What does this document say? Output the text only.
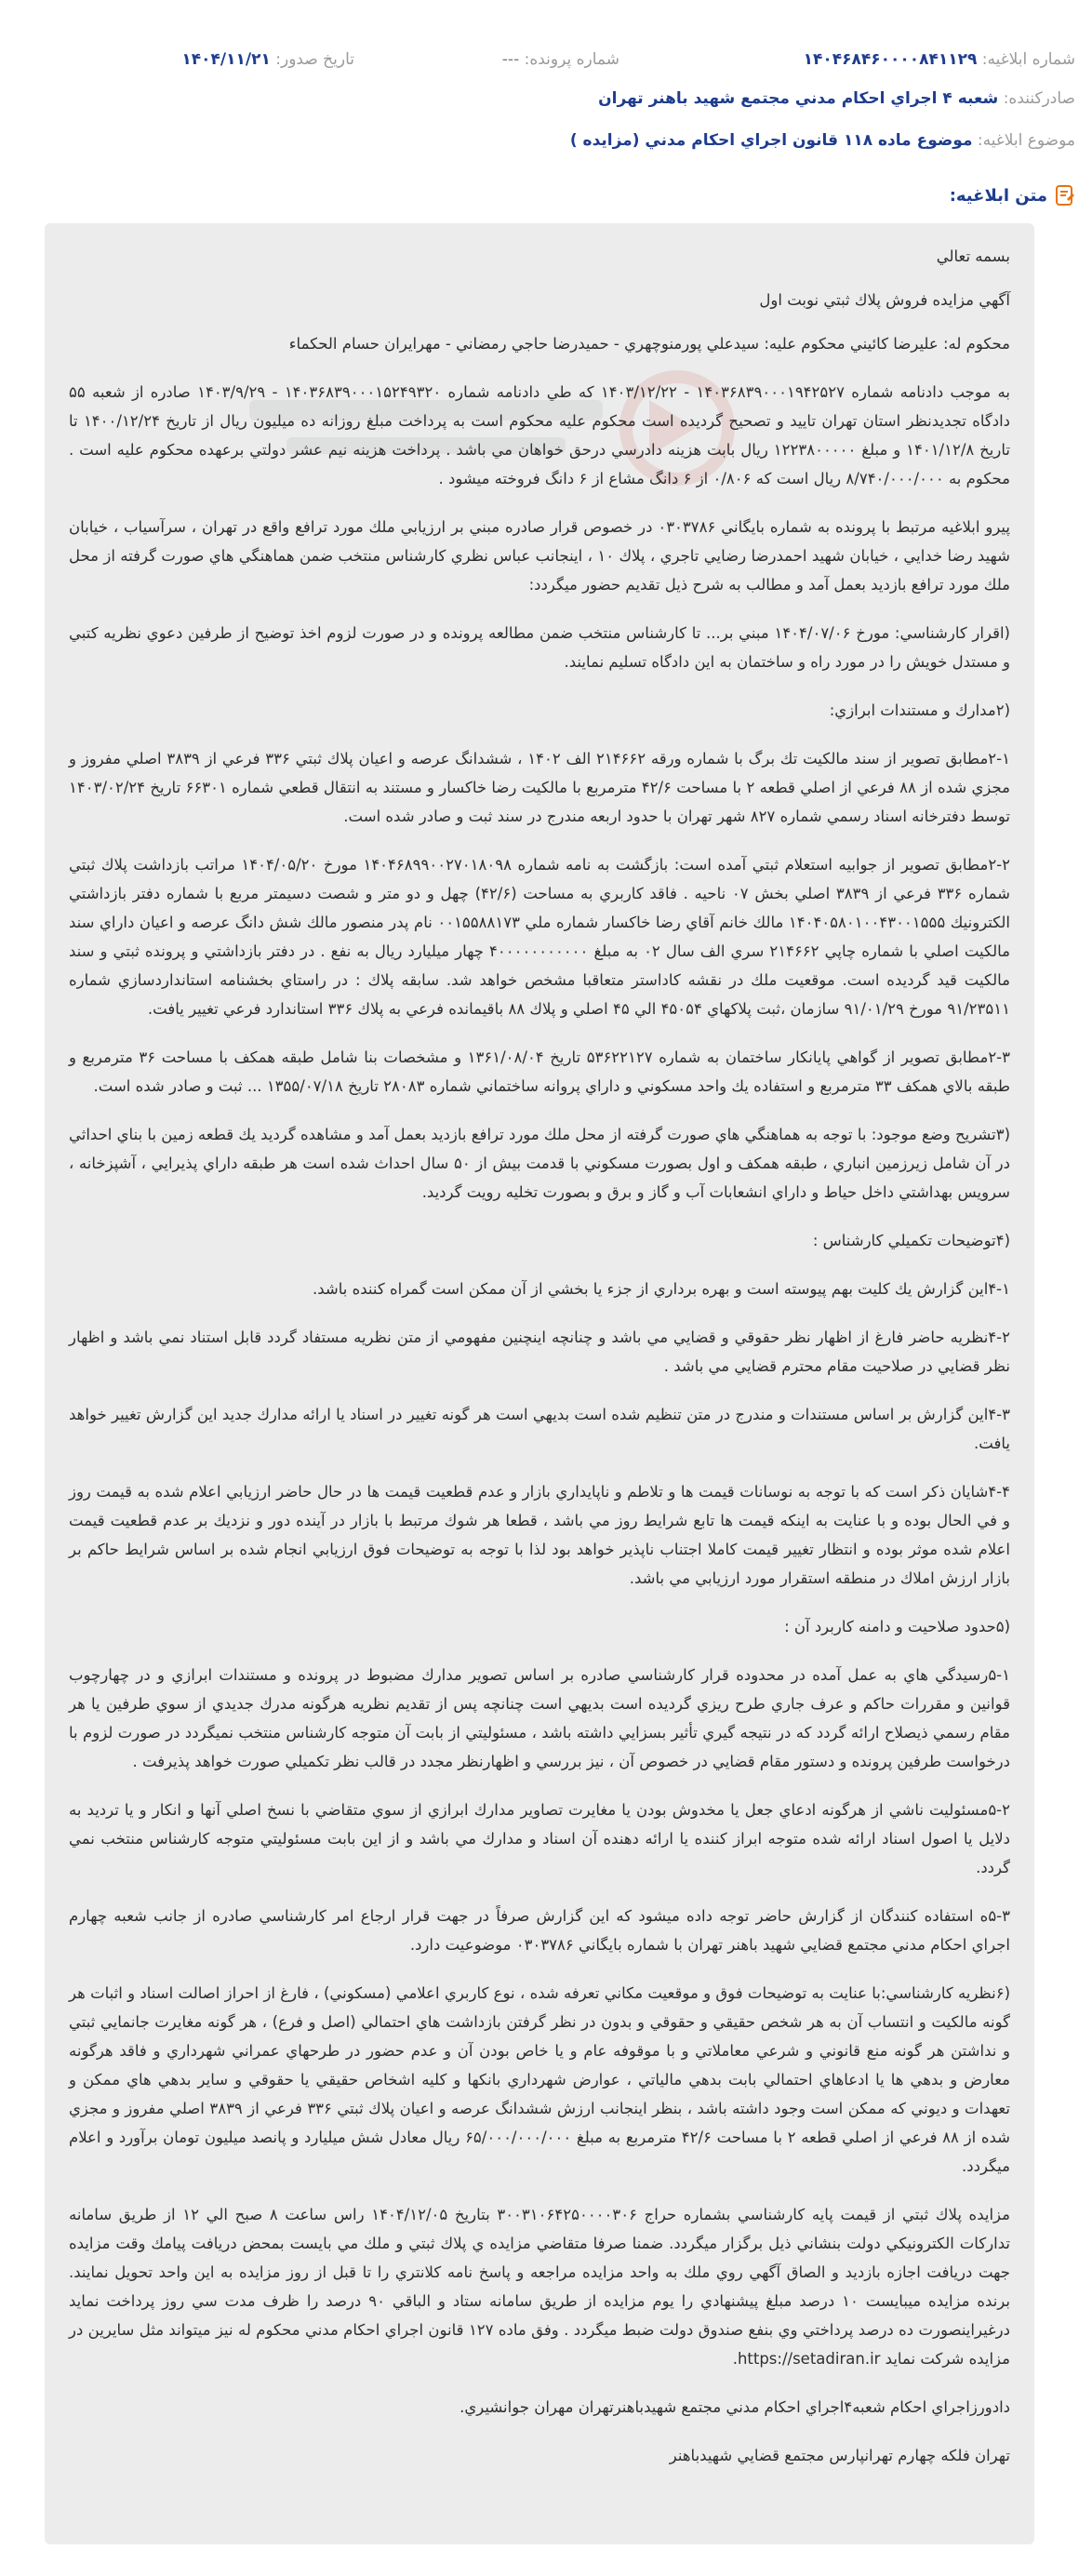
شماره ابلاغیه: ۱۴۰۴۶۸۴۶۰۰۰۰۸۴۱۱۲۹
شماره پرونده: ---
تاریخ صدور: ۱۴۰۴/۱۱/۲۱
صادرکننده:

شعبه ۴ اجراي احكام مدني مجتمع شهيد باهنر تهران
موضوع ابلاغیه:

موضوع ماده ۱۱۸ قانون اجراي احكام مدني (مزايده )
متن ابلاغیه:

بسمه تعالي

آگهي مزايده فروش پلاك ثبتي نوبت اول

محكوم له: عليرضا كائيني محكوم عليه: سيدعلي پورمنوچهري - حميدرضا حاجي رمضاني - مهرايران حسام الحكماء

به موجب دادنامه شماره ۱۴۰۳۶۸۳۹۰۰۰۱۹۴۲۵۲۷ - ۱۴۰۳/۱۲/۲۲ كه طي دادنامه شماره ۱۴۰۳۶۸۳۹۰۰۰۱۵۲۴۹۳۲۰ - ۱۴۰۳/۹/۲۹ صادره از شعبه ۵۵ دادگاه تجديدنظر استان تهران تاييد و تصحيح گرديده است محكوم عليه محكوم است به پرداخت مبلغ روزانه ده ميليون ريال از تاريخ ۱۴۰۰/۱۲/۲۴ تا تاريخ ۱۴۰۱/۱۲/۸ و مبلغ ۱۲۲۳۸۰۰۰۰۰ ريال بابت هزينه دادرسي درحق خواهان مي باشد . پرداخت هزينه نيم عشر دولتي برعهده محكوم عليه است . محكوم به ۸/۷۴۰/۰۰۰/۰۰۰ ريال است كه ۰/۸۰۶ از ۶ دانگ مشاع از ۶ دانگ فروخته ميشود .

پيرو ابلاغيه مرتبط با پرونده به شماره بايگاني ۰۳۰۳۷۸۶ در خصوص قرار صادره مبني بر ارزيابي ملك مورد ترافع واقع در تهران ، سرآسياب ، خيابان شهيد رضا خدايي ، خيابان شهيد احمدرضا رضايي تاجري ، پلاك ۱۰ ، اينجانب عباس نظري كارشناس منتخب ضمن هماهنگي هاي صورت گرفته از محل ملك مورد ترافع بازديد بعمل آمد و مطالب به شرح ذيل تقديم حضور ميگردد:

(اقرار كارشناسي: مورخ ۱۴۰۴/۰۷/۰۶ مبني بر... تا كارشناس منتخب ضمن مطالعه پرونده و در صورت لزوم اخذ توضيح از طرفين دعوي نظريه كتبي و مستدل خويش را در مورد راه و ساختمان به اين دادگاه تسليم نمايند.

(۲مدارك و مستندات ابرازي:

۲-۱مطابق تصوير از سند مالكيت تك برگ با شماره ورقه ۲۱۴۶۶۲ الف ۱۴۰۲ ، ششدانگ عرصه و اعيان پلاك ثبتي ۳۳۶ فرعي از ۳۸۳۹ اصلي مفروز و مجزي شده از ۸۸ فرعي از اصلي قطعه ۲ با مساحت ۴۲/۶ مترمربع با مالكيت رضا خاكسار و مستند به انتقال قطعي شماره ۶۶۳۰۱ تاريخ ۱۴۰۳/۰۲/۲۴ توسط دفترخانه اسناد رسمي شماره ۸۲۷ شهر تهران با حدود اربعه مندرج در سند ثبت و صادر شده است.

۲-۲مطابق تصوير از جوابيه استعلام ثبتي آمده است: بازگشت به نامه شماره ۱۴۰۴۶۸۹۹۰۰۲۷۰۱۸۰۹۸ مورخ ۱۴۰۴/۰۵/۲۰ مراتب بازداشت پلاك ثبتي شماره ۳۳۶ فرعي از ۳۸۳۹ اصلي بخش ۰۷ ناحيه . فاقد كاربري به مساحت (۴۲/۶) چهل و دو متر و شصت دسيمتر مربع با شماره دفتر بازداشتي الكترونيك ۱۴۰۴۰۵۸۰۱۰۰۴۳۰۰۱۵۵۵ مالك خانم آقاي رضا خاكسار شماره ملي ۰۰۱۵۵۸۸۱۷۳ نام پدر منصور مالك شش دانگ عرصه و اعيان داراي سند مالكيت اصلي با شماره چاپي ۲۱۴۶۶۲ سري الف سال ۰۲ به مبلغ ۴۰۰۰۰۰۰۰۰۰۰۰ چهار ميليارد ريال به نفع . در دفتر بازداشتي و پرونده ثبتي و سند مالكيت قيد گرديده است. موقعيت ملك در نقشه كاداستر متعاقبا مشخص خواهد شد. سابقه پلاك : در راستاي بخشنامه استانداردسازي شماره ۹۱/۲۳۵۱۱ مورخ ۹۱/۰۱/۲۹ سازمان ،ثبت پلاكهاي ۴۵۰۵۴ الي ۴۵ اصلي و پلاك ۸۸ باقيمانده فرعي به پلاك ۳۳۶ استاندارد فرعي تغيير يافت.

۲-۳مطابق تصوير از گواهي پايانكار ساختمان به شماره ۵۳۶۲۲۱۲۷ تاريخ ۱۳۶۱/۰۸/۰۴ و مشخصات بنا شامل طبقه همكف با مساحت ۳۶ مترمربع و طبقه بالاي همكف ۳۳ مترمربع و استفاده يك واحد مسكوني و داراي پروانه ساختماني شماره ۲۸۰۸۳ تاريخ ۱۳۵۵/۰۷/۱۸ ... ثبت و صادر شده است.

(۳تشريح وضع موجود: با توجه به هماهنگي هاي صورت گرفته از محل ملك مورد ترافع بازديد بعمل آمد و مشاهده گرديد يك قطعه زمين با بناي احداثي در آن شامل زيرزمين انباري ، طبقه همكف و اول بصورت مسكوني با قدمت بيش از ۵۰ سال احداث شده است هر طبقه داراي پذيرايي ، آشپزخانه ، سرويس بهداشتي داخل حياط و داراي انشعابات آب و گاز و برق و بصورت تخليه رويت گرديد.

(۴توضيحات تكميلي كارشناس :

۴-۱اين گزارش يك كليت بهم پيوسته است و بهره برداري از جزء يا بخشي از آن ممكن است گمراه كننده باشد.

۴-۲نظريه حاضر فارغ از اظهار نظر حقوقي و قضايي مي باشد و چنانچه اينچنين مفهومي از متن نظريه مستفاد گردد قابل استناد نمي باشد و اظهار نظر قضايي در صلاحيت مقام محترم قضايي مي باشد .

۴-۳اين گزارش بر اساس مستندات و مندرج در متن تنظيم شده است بديهي است هر گونه تغيير در اسناد يا ارائه مدارك جديد اين گزارش تغيير خواهد يافت.

۴-۴شايان ذكر است كه با توجه به نوسانات قيمت ها و تلاطم و ناپايداري بازار و عدم قطعيت قيمت ها در حال حاضر ارزيابي اعلام شده به قيمت روز و في الحال بوده و با عنايت به اينكه قيمت ها تابع شرايط روز مي باشد ، قطعا هر شوك مرتبط با بازار در آينده دور و نزديك بر عدم قطعيت قيمت اعلام شده موثر بوده و انتظار تغيير قيمت كاملا اجتناب ناپذير خواهد بود لذا با توجه به توضيحات فوق ارزيابي انجام شده بر اساس شرايط حاكم بر بازار ارزش املاك در منطقه استقرار مورد ارزيابي مي باشد.

(۵حدود صلاحيت و دامنه كاربرد آن :

۵-۱رسيدگي هاي به عمل آمده در محدوده قرار كارشناسي صادره بر اساس تصوير مدارك مضبوط در پرونده و مستندات ابرازي و در چهارچوب قوانين و مقررات حاكم و عرف جاري طرح ريزي گرديده است بديهي است چنانچه پس از تقديم نظريه هرگونه مدرك جديدي از سوي طرفين يا هر مقام رسمي ذيصلاح ارائه گردد كه در نتيجه گيري تأثير بسزايي داشته باشد ، مسئوليتي از بابت آن متوجه كارشناس منتخب نميگردد در صورت لزوم با درخواست طرفين پرونده و دستور مقام قضايي در خصوص آن ، نيز بررسي و اظهارنظر مجدد در قالب نظر تكميلي صورت خواهد پذيرفت .

۵-۲مسئوليت ناشي از هرگونه ادعاي جعل يا مخدوش بودن يا مغايرت تصاوير مدارك ابرازي از سوي متقاضي با نسخ اصلي آنها و انكار و يا ترديد به دلايل يا اصول اسناد ارائه شده متوجه ابراز كننده يا ارائه دهنده آن اسناد و مدارك مي باشد و از اين بابت مسئوليتي متوجه كارشناس منتخب نمي گردد.

۵-۳ه استفاده كنندگان از گزارش حاضر توجه داده ميشود كه اين گزارش صرفاً در جهت قرار ارجاع امر كارشناسي صادره از جانب شعبه چهارم اجراي احكام مدني مجتمع قضايي شهيد باهنر تهران با شماره بايگاني ۰۳۰۳۷۸۶ موضوعيت دارد.

(۶نظريه كارشناسي:با عنايت به توضيحات فوق و موقعيت مكاني تعرفه شده ، نوع كاربري اعلامي (مسكوني) ، فارغ از احراز اصالت اسناد و اثبات هر گونه مالكيت و انتساب آن به هر شخص حقيقي و حقوقي و بدون در نظر گرفتن بازداشت هاي احتمالي (اصل و فرع) ، هر گونه مغايرت جانمايي ثبتي و نداشتن هر گونه منع قانوني و شرعي معاملاتي و با موقوفه عام و يا خاص بودن آن و عدم حضور در طرحهاي عمراني شهرداري و فاقد هرگونه معارض و بدهي ها يا ادعاهاي احتمالي بابت بدهي مالياتي ، عوارض شهرداري بانكها و كليه اشخاص حقيقي يا حقوقي و ساير بدهي هاي ممكن و تعهدات و ديوني كه ممكن است وجود داشته باشد ، بنظر اينجانب ارزش ششدانگ عرصه و اعيان پلاك ثبتي ۳۳۶ فرعي از ۳۸۳۹ اصلي مفروز و مجزي شده از ۸۸ فرعي از اصلي قطعه ۲ با مساحت ۴۲/۶ مترمربع به مبلغ ۶۵/۰۰۰/۰۰۰/۰۰۰ ريال معادل شش ميليارد و پانصد ميليون تومان برآورد و اعلام ميگردد.

مزايده پلاك ثبتي از قيمت پايه كارشناسي بشماره حراج ۳۰۰۳۱۰۶۴۲۵۰۰۰۰۳۰۶ بتاريخ ۱۴۰۴/۱۲/۰۵ راس ساعت ۸ صبح الي ۱۲ از طريق سامانه تداركات الكترونيكي دولت بنشاني ذيل برگزار ميگردد. ضمنا صرفا متقاضي مزايده ي پلاك ثبتي و ملك مي بايست بمحض دريافت پيامك وقت مزايده جهت دريافت اجازه بازديد و الصاق آگهي روي ملك به واحد مزايده مراجعه و پاسخ نامه كلانتري را تا قبل از روز مزايده به اين واحد تحويل نمايند. برنده مزايده ميبايست ۱۰ درصد مبلغ پيشنهادي را يوم مزايده از طريق سامانه ستاد و الباقي ۹۰ درصد را ظرف مدت سي روز پرداخت نمايد درغيراينصورت ده درصد پرداختي وي بنفع صندوق دولت ضبط ميگردد . وفق ماده ۱۲۷ قانون اجراي احكام مدني محكوم له نيز ميتواند مثل سايرين در مزايده شركت نمايد https://setadiran.ir.

دادورزاجراي احكام شعبه۴اجراي احكام مدني مجتمع شهيدباهنرتهران مهران جوانشيري.

تهران فلكه چهارم تهرانپارس مجتمع قضايي شهيدباهنر
